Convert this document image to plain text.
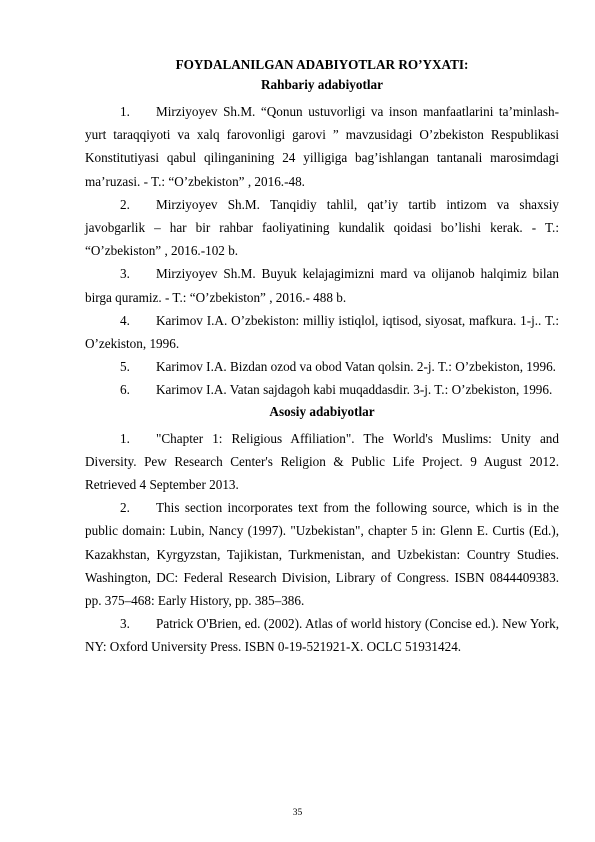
FOYDALANILGAN ADABIYOTLAR RO’YXATI:

Rahbariy adabiyotlar

1. Mirziyoyev Sh.M. “Qonun ustuvorligi va inson manfaatlarini ta’minlash-yurt taraqqiyoti va xalq farovonligi garovi ” mavzusidagi O’zbekiston Respublikasi Konstitutiyasi qabul qilinganining 24 yilligiga bag’ishlangan tantanali marosimdagi ma’ruzasi. - T.: “O’zbekiston” , 2016.-48.

2. Mirziyoyev Sh.M. Tanqidiy tahlil, qat’iy tartib intizom va shaxsiy javobgarlik – har bir rahbar faoliyatining kundalik qoidasi bo’lishi kerak. - T.: “O’zbekiston” , 2016.-102 b.

3. Mirziyoyev Sh.M. Buyuk kelajagimizni mard va olijanob halqimiz bilan birga quramiz. - T.: “O’zbekiston” , 2016.- 488 b.

4. Karimov I.A. O’zbekiston: milliy istiqlol, iqtisod, siyosat, mafkura. 1-j.. T.: O’zekiston, 1996.

5. Karimov I.A. Bizdan ozod va obod Vatan qolsin. 2-j. T.: O’zbekiston, 1996.

6. Karimov I.A. Vatan sajdagoh kabi muqaddasdir. 3-j. T.: O’zbekiston, 1996.

Asosiy adabiyotlar

1. "Chapter 1: Religious Affiliation". The World's Muslims: Unity and Diversity. Pew Research Center's Religion & Public Life Project. 9 August 2012. Retrieved 4 September 2013.

2. This section incorporates text from the following source, which is in the public domain: Lubin, Nancy (1997). "Uzbekistan", chapter 5 in: Glenn E. Curtis (Ed.), Kazakhstan, Kyrgyzstan, Tajikistan, Turkmenistan, and Uzbekistan: Country Studies. Washington, DC: Federal Research Division, Library of Congress. ISBN 0844409383. pp. 375–468: Early History, pp. 385–386.

3. Patrick O'Brien, ed. (2002). Atlas of world history (Concise ed.). New York, NY: Oxford University Press. ISBN 0-19-521921-X. OCLC 51931424.

35
